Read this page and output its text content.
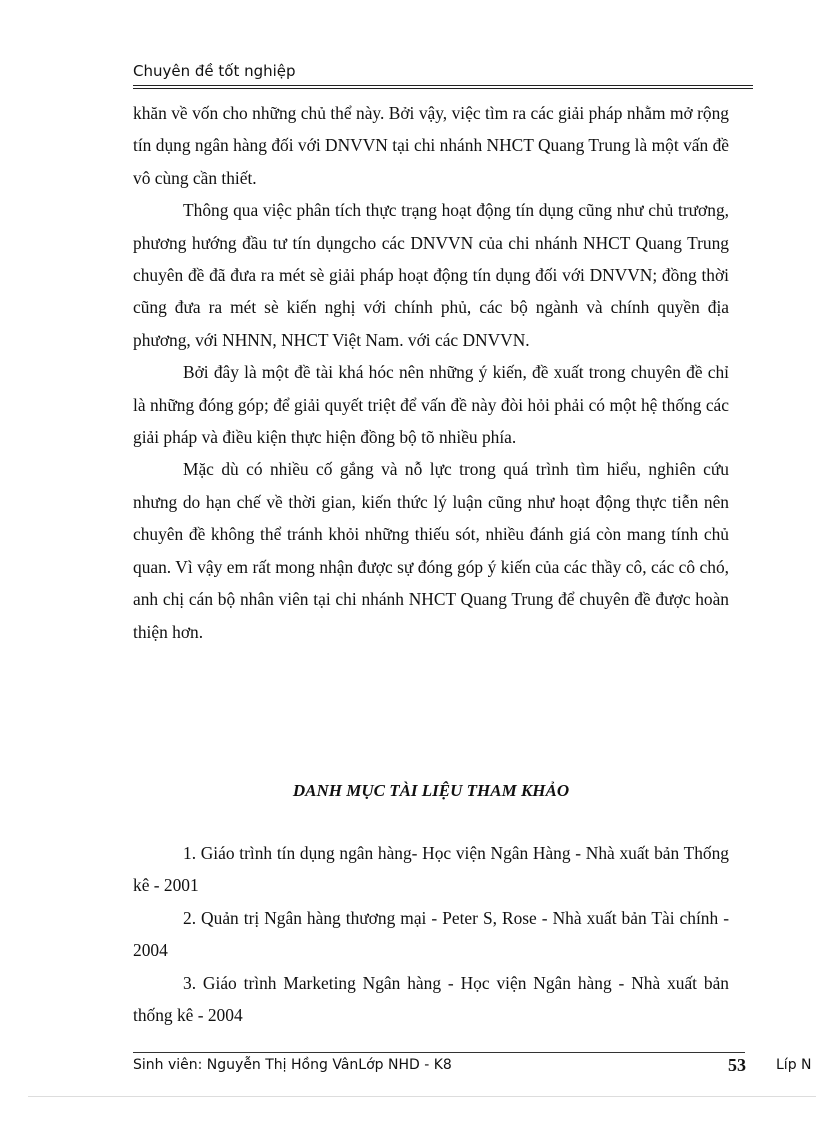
Chuyên đề tốt nghiệp

khăn về vốn cho những chủ thể này. Bởi vậy, việc tìm ra các giải pháp nhằm mở rộng tín dụng ngân hàng đối với DNVVN tại chi nhánh NHCT Quang Trung là một vấn đề vô cùng cần thiết.

Thông qua việc phân tích thực trạng hoạt động tín dụng cũng như chủ trương, phương hướng đầu tư tín dụngcho các DNVVN của chi nhánh NHCT Quang Trung chuyên đề đã đưa ra mét sè giải pháp hoạt động tín dụng đối với DNVVN; đồng thời cũng đưa ra mét sè kiến nghị với chính phủ, các bộ ngành và chính quyền địa phương, với NHNN, NHCT Việt Nam. với các DNVVN.

Bởi đây là một đề tài khá hóc nên những ý kiến, đề xuất trong chuyên đề chỉ là những đóng góp; để giải quyết triệt để vấn đề này đòi hỏi phải có một hệ thống các giải pháp và điều kiện thực hiện đồng bộ tõ nhiều phía.

Mặc dù có nhiều cố gắng và nỗ lực trong quá trình tìm hiểu, nghiên cứu nhưng do hạn chế về thời gian, kiến thức lý luận cũng như hoạt động thực tiễn nên chuyên đề không thể tránh khỏi những thiếu sót, nhiều đánh giá còn mang tính chủ quan. Vì vậy em rất mong nhận được sự đóng góp ý kiến của các thầy cô, các cô chó, anh chị cán bộ nhân viên tại chi nhánh NHCT Quang Trung để chuyên đề được hoàn thiện hơn.

DANH MỤC TÀI LIỆU THAM KHẢO

1. Giáo trình tín dụng ngân hàng- Học viện Ngân Hàng - Nhà xuất bản Thống kê - 2001

2. Quản trị Ngân hàng thương mại - Peter S, Rose - Nhà xuất bản Tài chính - 2004

3. Giáo trình Marketing Ngân hàng - Học viện Ngân hàng - Nhà xuất bản thống kê - 2004

Sinh viên: Nguyễn Thị Hồng VânLớp NHD - K8	53 Líp N
